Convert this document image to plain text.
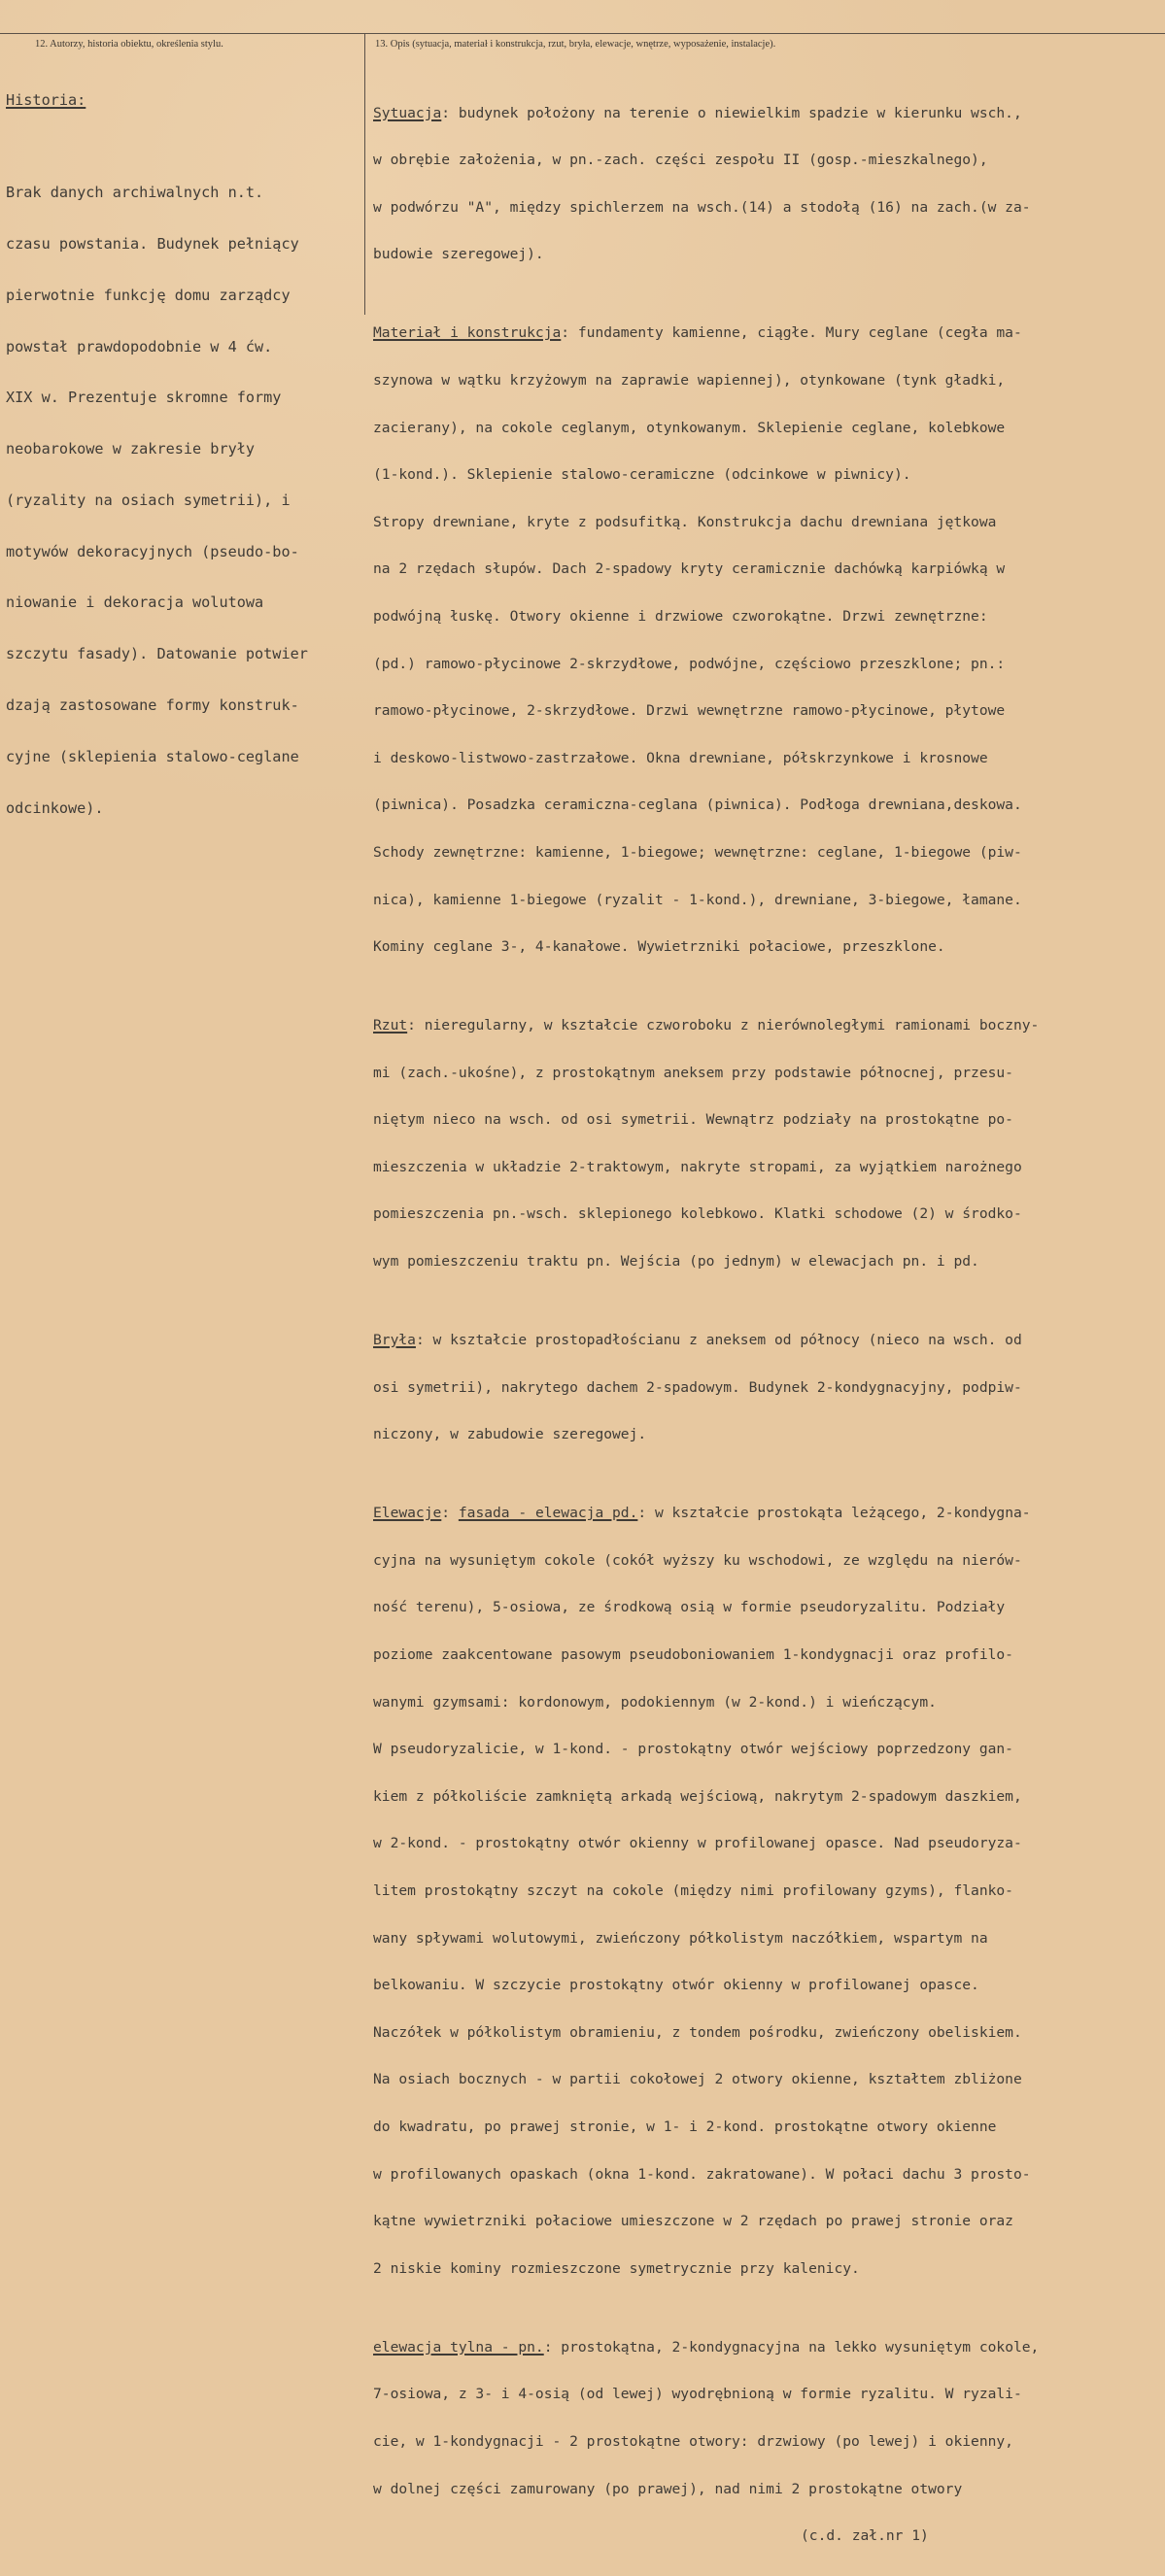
12. Autorzy, historia obiektu, określenia stylu.	13. Opis (sytuacja, materiał i konstrukcja, rzut, bryła, elewacje, wnętrze, wyposażenie, instalacje).

Historia:

Brak danych archiwalnych n.t.

czasu powstania. Budynek pełniący

pierwotnie funkcję domu zarządcy

powstał prawdopodobnie w 4 ćw.

XIX w. Prezentuje skromne formy

neobarokowe w zakresie bryły

(ryzality na osiach symetrii), i

motywów dekoracyjnych (pseudo-bo-

niowanie i dekoracja wolutowa

szczytu fasady). Datowanie potwier

dzają zastosowane formy konstruk-

cyjne (sklepienia stalowo-ceglane

odcinkowe).

Sytuacja: budynek położony na terenie o niewielkim spadzie w kierunku wsch.,

w obrębie założenia, w pn.-zach. części zespołu II (gosp.-mieszkalnego),

w podwórzu "A", między spichlerzem na wsch.(14) a stodołą (16) na zach.(w za-

budowie szeregowej).

Materiał i konstrukcja: fundamenty kamienne, ciągłe. Mury ceglane (cegła ma-

szynowa w wątku krzyżowym na zaprawie wapiennej), otynkowane (tynk gładki,

zacierany), na cokole ceglanym, otynkowanym. Sklepienie ceglane, kolebkowe

(1-kond.). Sklepienie stalowo-ceramiczne (odcinkowe w piwnicy).

Stropy drewniane, kryte z podsufitką. Konstrukcja dachu drewniana jętkowa

na 2 rzędach słupów. Dach 2-spadowy kryty ceramicznie dachówką karpiówką w

podwójną łuskę. Otwory okienne i drzwiowe czworokątne. Drzwi zewnętrzne:

(pd.) ramowo-płycinowe 2-skrzydłowe, podwójne, częściowo przeszklone; pn.:

ramowo-płycinowe, 2-skrzydłowe. Drzwi wewnętrzne ramowo-płycinowe, płytowe

i deskowo-listwowo-zastrzałowe. Okna drewniane, półskrzynkowe i krosnowe

(piwnica). Posadzka ceramiczna-ceglana (piwnica). Podłoga drewniana,deskowa.

Schody zewnętrzne: kamienne, 1-biegowe; wewnętrzne: ceglane, 1-biegowe (piw-

nica), kamienne 1-biegowe (ryzalit - 1-kond.), drewniane, 3-biegowe, łamane.

Kominy ceglane 3-, 4-kanałowe. Wywietrzniki połaciowe, przeszklone.

Rzut: nieregularny, w kształcie czworoboku z nierównoległymi ramionami boczny-

mi (zach.-ukośne), z prostokątnym aneksem przy podstawie północnej, przesu-

niętym nieco na wsch. od osi symetrii. Wewnątrz podziały na prostokątne po-

mieszczenia w układzie 2-traktowym, nakryte stropami, za wyjątkiem narożnego

pomieszczenia pn.-wsch. sklepionego kolebkowo. Klatki schodowe (2) w środko-

wym pomieszczeniu traktu pn. Wejścia (po jednym) w elewacjach pn. i pd.

Bryła: w kształcie prostopadłościanu z aneksem od północy (nieco na wsch. od

osi symetrii), nakrytego dachem 2-spadowym. Budynek 2-kondygnacyjny, podpiw-

niczony, w zabudowie szeregowej.

Elewacje: fasada - elewacja pd.: w kształcie prostokąta leżącego, 2-kondygna-

cyjna na wysuniętym cokole (cokół wyższy ku wschodowi, ze względu na nierów-

ność terenu), 5-osiowa, ze środkową osią w formie pseudoryzalitu. Podziały

poziome zaakcentowane pasowym pseudoboniowaniem 1-kondygnacji oraz profilo-

wanymi gzymsami: kordonowym, podokiennym (w 2-kond.) i wieńczącym.

W pseudoryzalicie, w 1-kond. - prostokątny otwór wejściowy poprzedzony gan-

kiem z półkoliście zamkniętą arkadą wejściową, nakrytym 2-spadowym daszkiem,

w 2-kond. - prostokątny otwór okienny w profilowanej opasce. Nad pseudoryza-

litem prostokątny szczyt na cokole (między nimi profilowany gzyms), flanko-

wany spływami wolutowymi, zwieńczony półkolistym naczółkiem, wspartym na

belkowaniu. W szczycie prostokątny otwór okienny w profilowanej opasce.

Naczółek w półkolistym obramieniu, z tondem pośrodku, zwieńczony obeliskiem.

Na osiach bocznych - w partii cokołowej 2 otwory okienne, kształtem zbliżone

do kwadratu, po prawej stronie, w 1- i 2-kond. prostokątne otwory okienne

w profilowanych opaskach (okna 1-kond. zakratowane). W połaci dachu 3 prosto-

kątne wywietrzniki połaciowe umieszczone w 2 rzędach po prawej stronie oraz

2 niskie kominy rozmieszczone symetrycznie przy kalenicy.

elewacja tylna - pn.: prostokątna, 2-kondygnacyjna na lekko wysuniętym cokole,

7-osiowa, z 3- i 4-osią (od lewej) wyodrębnioną w formie ryzalitu. W ryzali-

cie, w 1-kondygnacji - 2 prostokątne otwory: drzwiowy (po lewej) i okienny,

w dolnej części zamurowany (po prawej), nad nimi 2 prostokątne otwory

(c.d. zał.nr 1)
